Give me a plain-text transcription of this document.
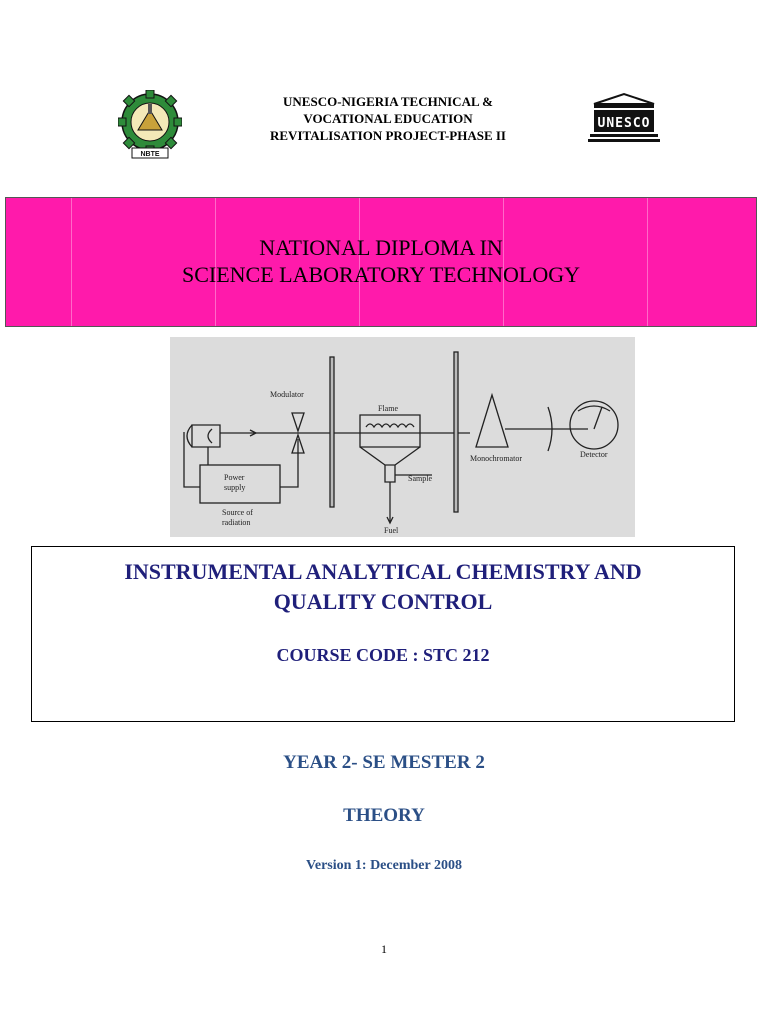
NBTE
UNESCO-NIGERIA TECHNICAL &
VOCATIONAL EDUCATION
REVITALISATION PROJECT-PHASE II
UNESCO
NATIONAL DIPLOMA IN
SCIENCE LABORATORY TECHNOLOGY
Modulator
Flame
Power
supply
Source of
radiation
Sample
Fuel
Monochromator	Detector
INSTRUMENTAL ANALYTICAL CHEMISTRY AND
QUALITY CONTROL
COURSE CODE : STC 212
YEAR 2- SE MESTER 2
THEORY
Version 1: December 2008
1
